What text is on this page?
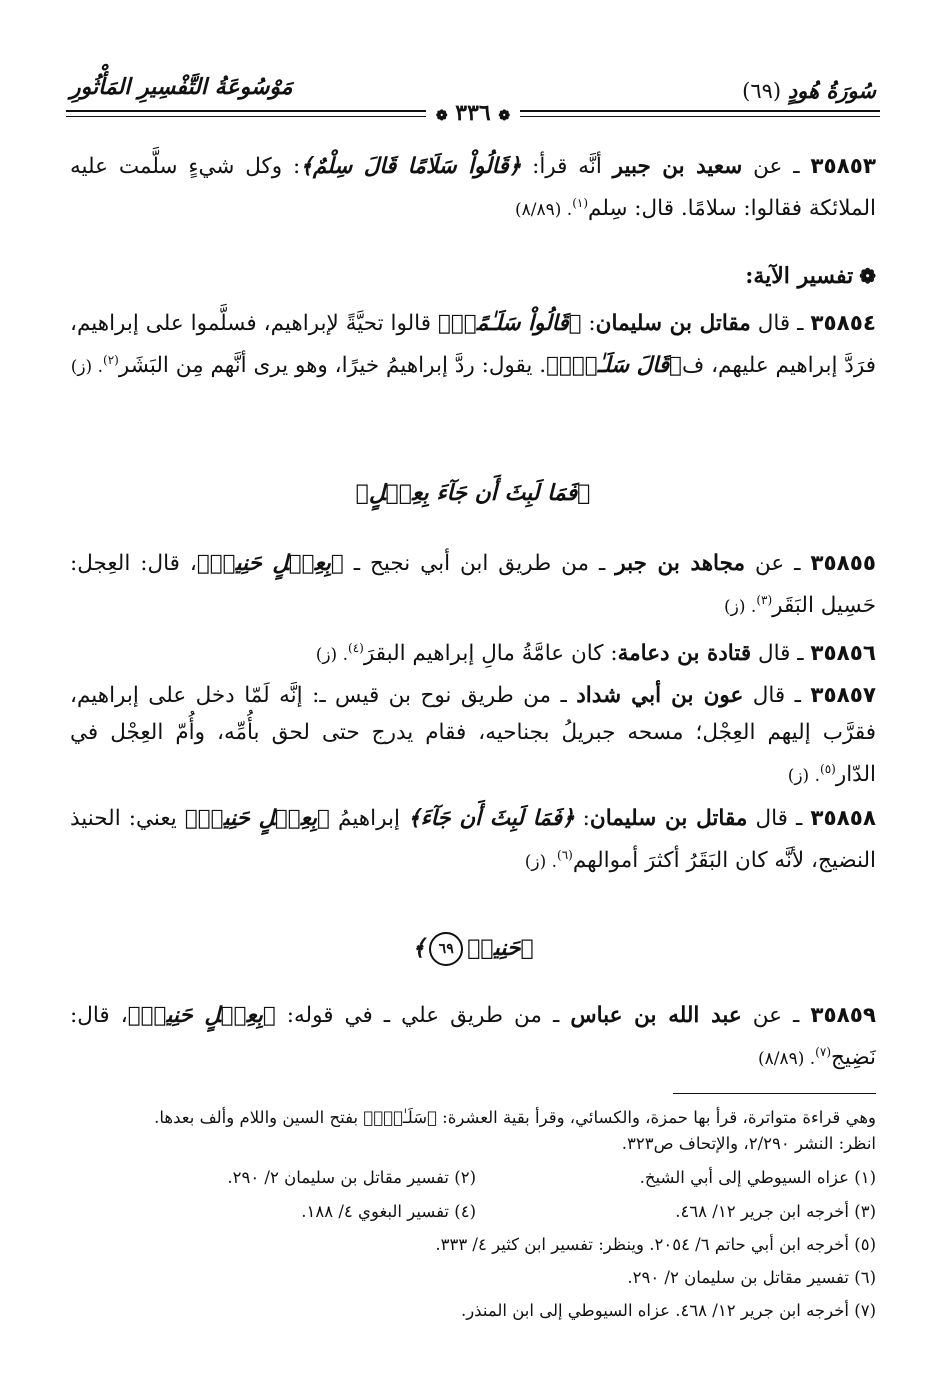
سُورَةُ هُودٍ (٦٩)
مَوْسُوعَةُ التَّفْسِيرِ المَأْثُورِ
❁ ٣٣٦ ❁
٣٥٨٥٣ ـ عن سعيد بن جبير أنَّه قرأ: ﴿قَالُواْ سَلَامًا قَالَ سِلْمٌ﴾: وكل شيءٍ سلَّمت عليه الملائكة فقالوا: سلامًا. قال: سِلم$^{(١)}$. (٨/٨٩)
❁تفسير الآية:
٣٥٨٥٤ ـ قال مقاتل بن سليمان: ﴿قَالُواْ سَلَـٰمًاۖ﴾ قالوا تحيَّةً لإبراهيم، فسلَّموا على إبراهيم، فرَدَّ إبراهيم عليهم، ف﴿قَالَ سَلَـٰمٌۖ﴾. يقول: ردَّ إبراهيمُ خيرًا، وهو يرى أنَّهم مِن البَشَر$^{(٢)}$. (ز)
﴿فَمَا لَبِثَ أَن جَآءَ بِعِجۡلٍ﴾
٣٥٨٥٥ ـ عن مجاهد بن جبر ـ من طريق ابن أبي نجيح ـ ﴿بِعِجۡلٍ حَنِيذٖ﴾، قال: العِجل: حَسِيل البَقَر$^{(٣)}$. (ز)
٣٥٨٥٦ ـ قال قتادة بن دعامة: كان عامَّةُ مالِ إبراهيم البقرَ$^{(٤)}$. (ز)
٣٥٨٥٧ ـ قال عون بن أبي شداد ـ من طريق نوح بن قيس ـ: إنَّه لَمّا دخل على إبراهيم، فقرَّب إليهم العِجْل؛ مسحه جبريلُ بجناحيه، فقام يدرج حتى لحق بأُمِّه، وأُمّ العِجْل في الدّار$^{(٥)}$. (ز)
٣٥٨٥٨ ـ قال مقاتل بن سليمان: ﴿فَمَا لَبِثَ أَن جَآءَ﴾ إبراهيمُ ﴿بِعِجۡلٍ حَنِيذٖ﴾ يعني: الحنيذ النضيج، لأنَّه كان البَقَرُ أكثرَ أموالهم$^{(٦)}$. (ز)
﴿حَنِيذٖ٦٩﴾
٣٥٨٥٩ ـ عن عبد الله بن عباس ـ من طريق علي ـ في قوله: ﴿بِعِجۡلٍ حَنِيذٖ﴾، قال: نَضِيج$^{(٧)}$. (٨/٨٩)
وهي قراءة متواترة، قرأ بها حمزة، والكسائي، وقرأ بقية العشرة: ﴿سَلَـٰمٌۖ﴾ بفتح السين واللام وألف بعدها.
انظر: النشر ٢/٢٩٠، والإتحاف ص٣٢٣.
(١) عزاه السيوطي إلى أبي الشيخ.(٢) تفسير مقاتل بن سليمان ٢/ ٢٩٠.
(٣) أخرجه ابن جرير ١٢/ ٤٦٨.(٤) تفسير البغوي ٤/ ١٨٨.
(٥) أخرجه ابن أبي حاتم ٦/ ٢٠٥٤. وينظر: تفسير ابن كثير ٤/ ٣٣٣.
(٦) تفسير مقاتل بن سليمان ٢/ ٢٩٠.
(٧) أخرجه ابن جرير ١٢/ ٤٦٨. عزاه السيوطي إلى ابن المنذر.
